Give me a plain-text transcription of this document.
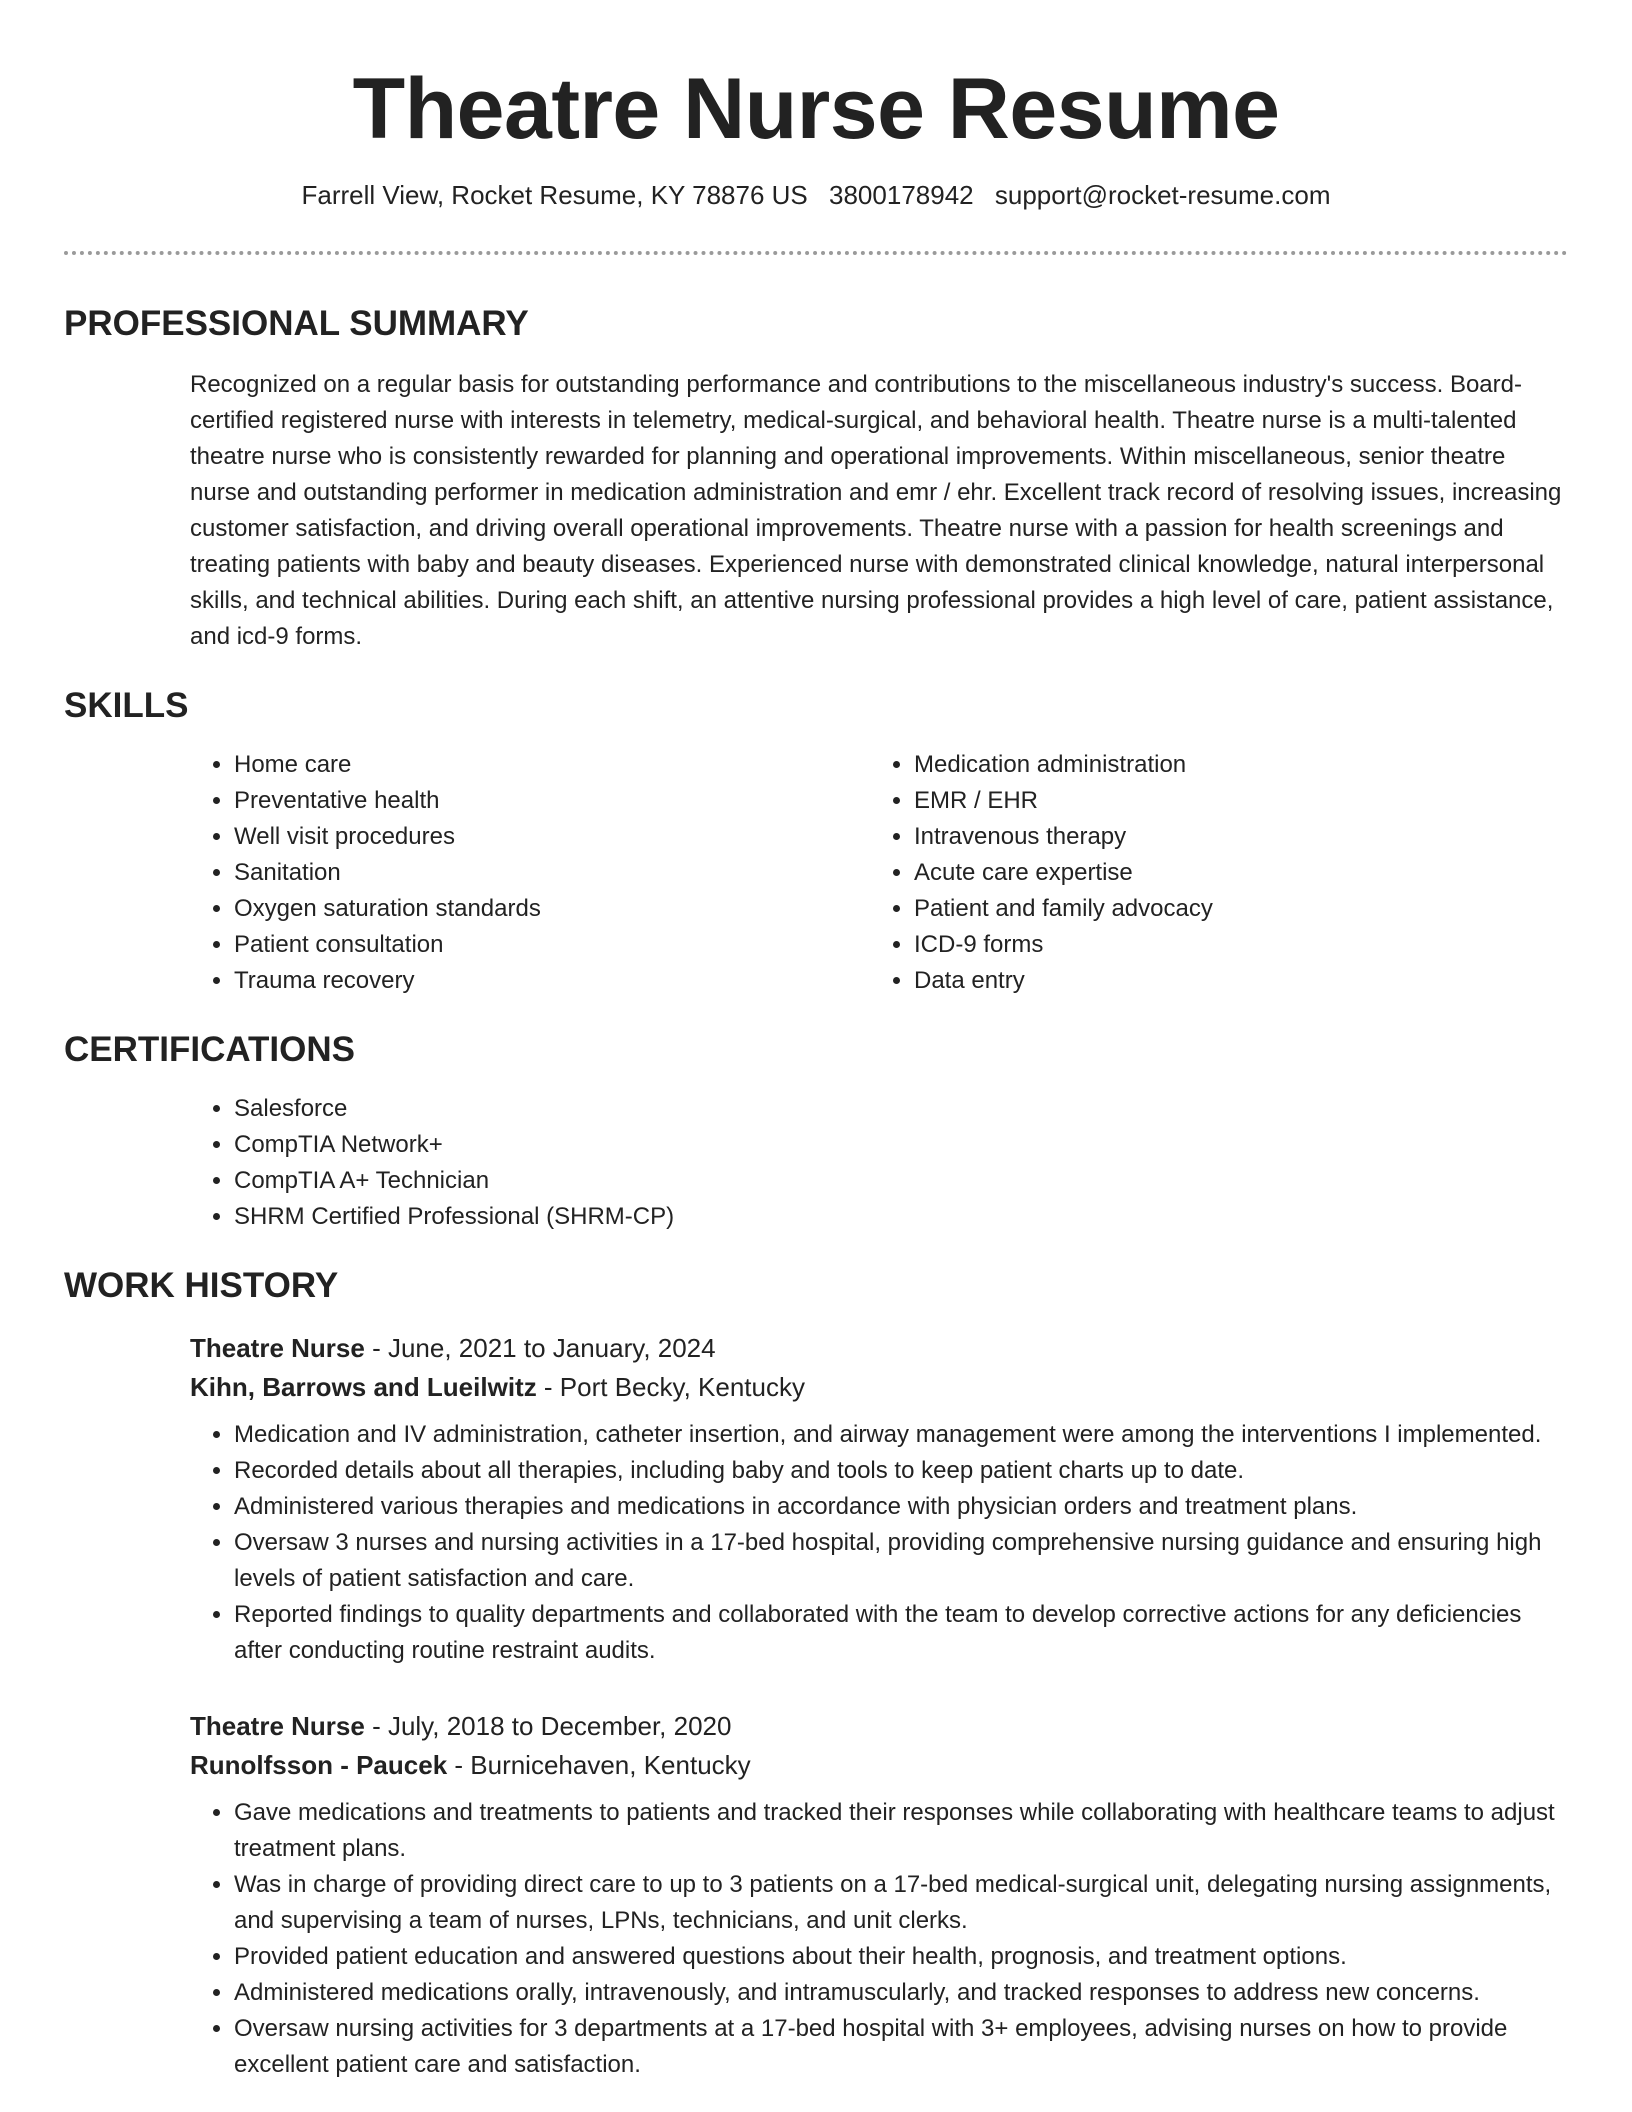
Theatre Nurse Resume
Farrell View, Rocket Resume, KY 78876 US 3800178942 support@rocket-resume.com
PROFESSIONAL SUMMARY

Recognized on a regular basis for outstanding performance and contributions to the miscellaneous industry's success. Board-certified registered nurse with interests in telemetry, medical-surgical, and behavioral health. Theatre nurse is a multi-talented theatre nurse who is consistently rewarded for planning and operational improvements. Within miscellaneous, senior theatre nurse and outstanding performer in medication administration and emr / ehr. Excellent track record of resolving issues, increasing customer satisfaction, and driving overall operational improvements. Theatre nurse with a passion for health screenings and treating patients with baby and beauty diseases. Experienced nurse with demonstrated clinical knowledge, natural interpersonal skills, and technical abilities. During each shift, an attentive nursing professional provides a high level of care, patient assistance, and icd-9 forms.

SKILLS
• Home care
• Preventative health
• Well visit procedures
• Sanitation
• Oxygen saturation standards
• Patient consultation
• Trauma recovery
• Medication administration
• EMR / EHR
• Intravenous therapy
• Acute care expertise
• Patient and family advocacy
• ICD-9 forms
• Data entry
CERTIFICATIONS
• Salesforce
• CompTIA Network+
• CompTIA A+ Technician
• SHRM Certified Professional (SHRM-CP)
WORK HISTORY
Theatre Nurse - June, 2021 to January, 2024
Kihn, Barrows and Lueilwitz - Port Becky, Kentucky
• Medication and IV administration, catheter insertion, and airway management were among the interventions I implemented.
• Recorded details about all therapies, including baby and tools to keep patient charts up to date.
• Administered various therapies and medications in accordance with physician orders and treatment plans.
• Oversaw 3 nurses and nursing activities in a 17-bed hospital, providing comprehensive nursing guidance and ensuring high levels of patient satisfaction and care.
• Reported findings to quality departments and collaborated with the team to develop corrective actions for any deficiencies after conducting routine restraint audits.
Theatre Nurse - July, 2018 to December, 2020
Runolfsson - Paucek - Burnicehaven, Kentucky
• Gave medications and treatments to patients and tracked their responses while collaborating with healthcare teams to adjust treatment plans.
• Was in charge of providing direct care to up to 3 patients on a 17-bed medical-surgical unit, delegating nursing assignments, and supervising a team of nurses, LPNs, technicians, and unit clerks.
• Provided patient education and answered questions about their health, prognosis, and treatment options.
• Administered medications orally, intravenously, and intramuscularly, and tracked responses to address new concerns.
• Oversaw nursing activities for 3 departments at a 17-bed hospital with 3+ employees, advising nurses on how to provide excellent patient care and satisfaction.
